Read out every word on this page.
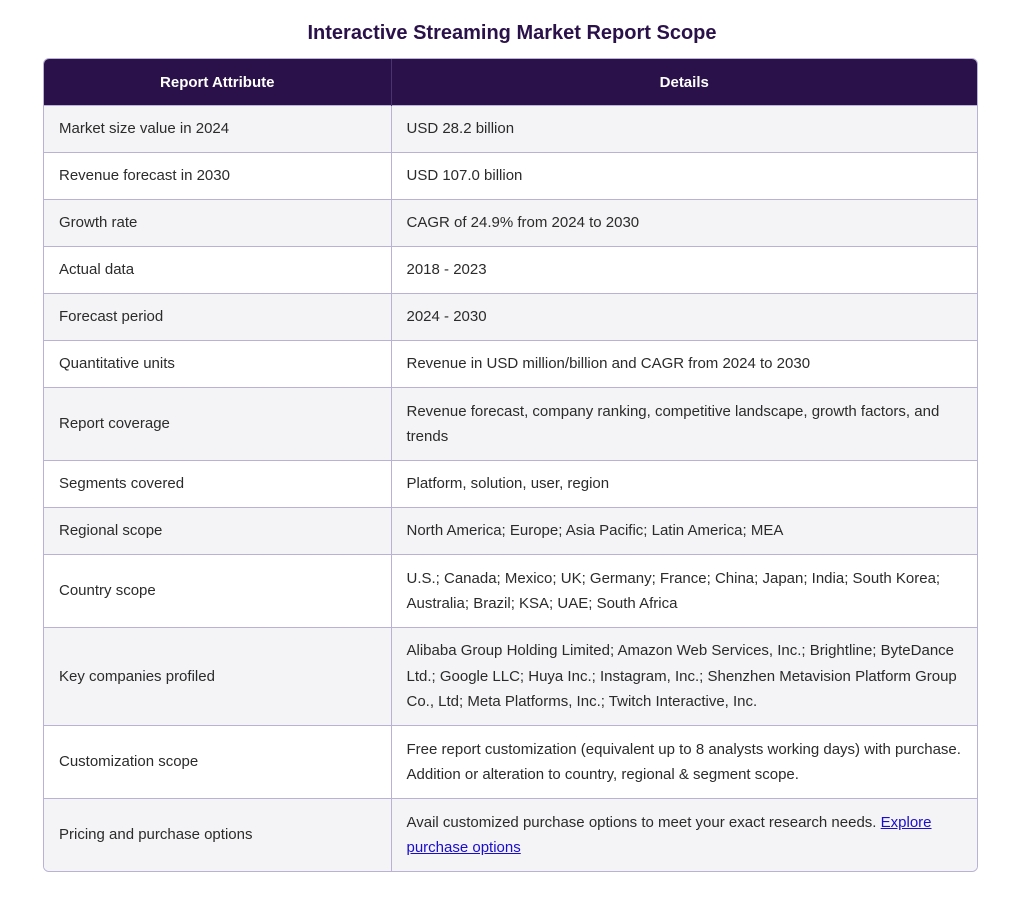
Interactive Streaming Market Report Scope
Report Attribute	Details
Market size value in 2024	USD 28.2 billion
Revenue forecast in 2030	USD 107.0 billion
Growth rate	CAGR of 24.9% from 2024 to 2030
Actual data	2018 - 2023
Forecast period	2024 - 2030
Quantitative units	Revenue in USD million/billion and CAGR from 2024 to 2030
Report coverage	Revenue forecast, company ranking, competitive landscape, growth factors, and trends
Segments covered	Platform, solution, user, region
Regional scope	North America; Europe; Asia Pacific; Latin America; MEA
Country scope	U.S.; Canada; Mexico; UK; Germany; France; China; Japan; India; South Korea; Australia; Brazil; KSA; UAE; South Africa
Key companies profiled	Alibaba Group Holding Limited; Amazon Web Services, Inc.; Brightline; ByteDance Ltd.; Google LLC; Huya Inc.; Instagram, Inc.; Shenzhen Metavision Platform Group Co., Ltd; Meta Platforms, Inc.; Twitch Interactive, Inc.
Customization scope	Free report customization (equivalent up to 8 analysts working days) with purchase. Addition or alteration to country, regional & segment scope.
Pricing and purchase options	Avail customized purchase options to meet your exact research needs. Explore purchase options
